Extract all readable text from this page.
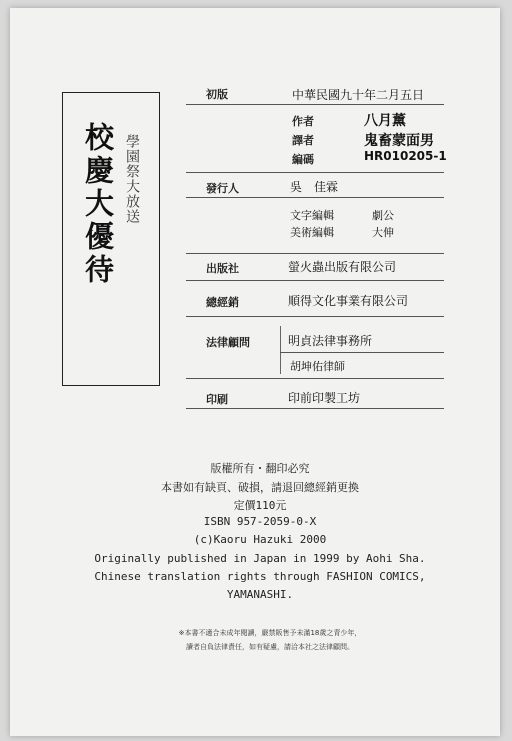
校慶大優待 學園祭大放送
初版	中華民國九十年二月五日
作者	八月薰
譯者	鬼畜蒙面男
編碼	HR010205-1
發行人	吳　佳霖
文字編輯	劇公
美術編輯	大伸
出版社	螢火蟲出版有限公司
總經銷	順得文化事業有限公司
法律顧問	明貞法律事務所
胡坤佑律師
印刷	印前印製工坊
版權所有・翻印必究
本書如有缺頁、破損，請退回總經銷更換
定價110元
ISBN 957-2059-0-X
(c)Kaoru Hazuki 2000
Originally published in Japan in 1999 by Aohi Sha.
Chinese translation rights through FASHION COMICS,
YAMANASHI.
※本書不適合未成年閱讀，嚴禁販售予未滿18歲之青少年，
讀者自負法律責任，如有疑慮，請洽本社之法律顧問。
